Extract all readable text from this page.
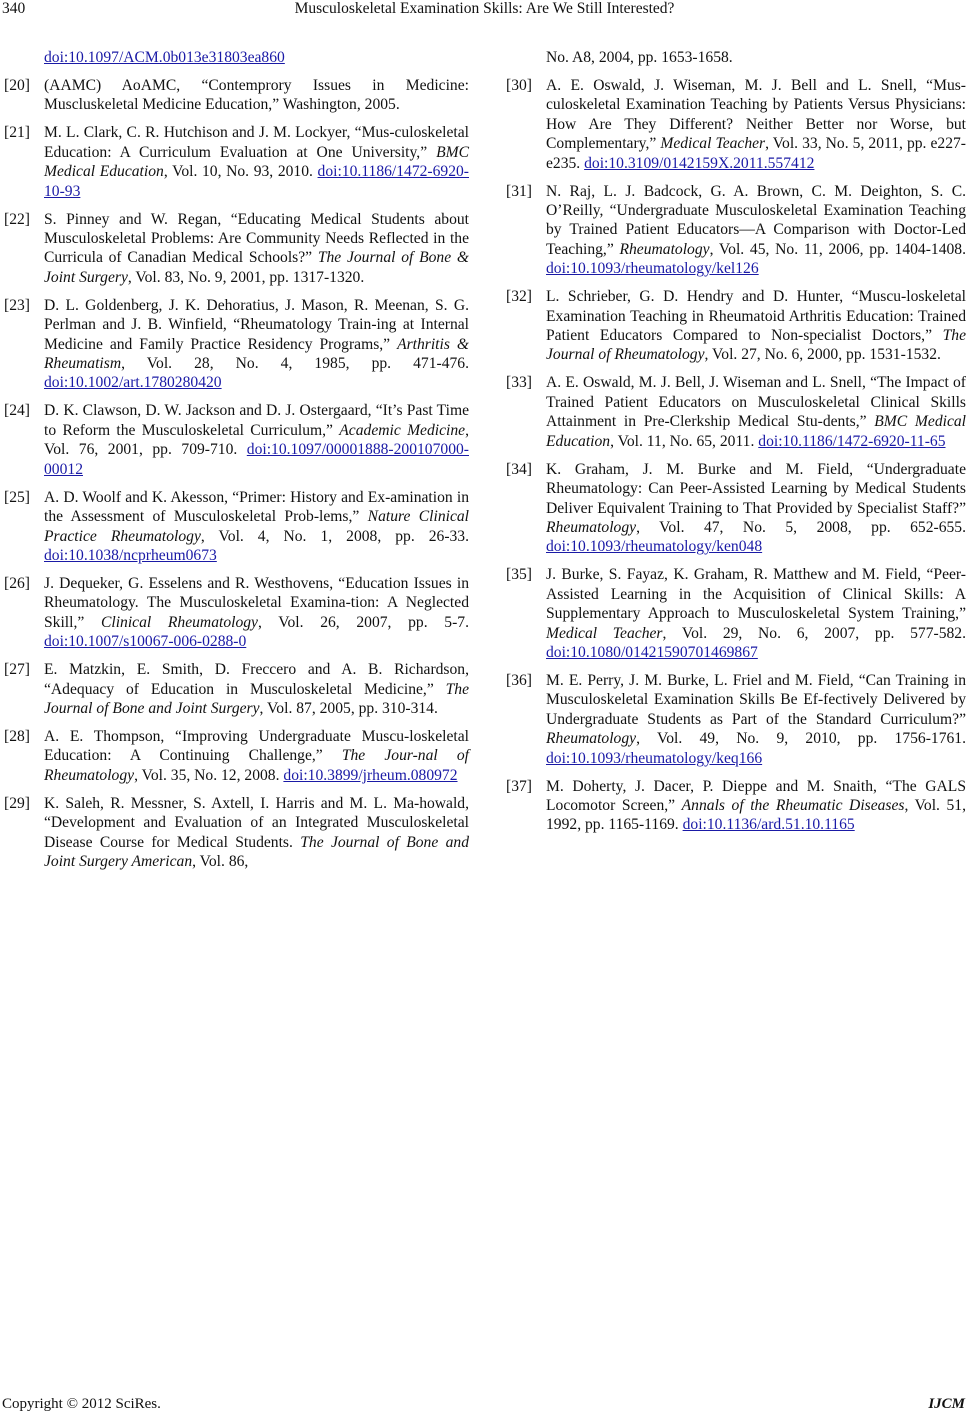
340	Musculoskeletal Examination Skills: Are We Still Interested?
doi:10.1097/ACM.0b013e31803ea860
[20] (AAMC) AoAMC, “Contemprory Issues in Medicine: Muscluskeletal Medicine Education,” Washington, 2005.
[21] M. L. Clark, C. R. Hutchison and J. M. Lockyer, “Mus-culoskeletal Education: A Curriculum Evaluation at One University,” BMC Medical Education, Vol. 10, No. 93, 2010. doi:10.1186/1472-6920-10-93
[22] S. Pinney and W. Regan, “Educating Medical Students about Musculoskeletal Problems: Are Community Needs Reflected in the Curricula of Canadian Medical Schools?” The Journal of Bone & Joint Surgery, Vol. 83, No. 9, 2001, pp. 1317-1320.
[23] D. L. Goldenberg, J. K. Dehoratius, J. Mason, R. Meenan, S. G. Perlman and J. B. Winfield, “Rheumatology Train-ing at Internal Medicine and Family Practice Residency Programs,” Arthritis & Rheumatism, Vol. 28, No. 4, 1985, pp. 471-476. doi:10.1002/art.1780280420
[24] D. K. Clawson, D. W. Jackson and D. J. Ostergaard, “It’s Past Time to Reform the Musculoskeletal Curriculum,” Academic Medicine, Vol. 76, 2001, pp. 709-710. doi:10.1097/00001888-200107000-00012
[25] A. D. Woolf and K. Akesson, “Primer: History and Ex-amination in the Assessment of Musculoskeletal Prob-lems,” Nature Clinical Practice Rheumatology, Vol. 4, No. 1, 2008, pp. 26-33. doi:10.1038/ncprheum0673
[26] J. Dequeker, G. Esselens and R. Westhovens, “Education Issues in Rheumatology. The Musculoskeletal Examina-tion: A Neglected Skill,” Clinical Rheumatology, Vol. 26, 2007, pp. 5-7. doi:10.1007/s10067-006-0288-0
[27] E. Matzkin, E. Smith, D. Freccero and A. B. Richardson, “Adequacy of Education in Musculoskeletal Medicine,” The Journal of Bone and Joint Surgery, Vol. 87, 2005, pp. 310-314.
[28] A. E. Thompson, “Improving Undergraduate Muscu-loskeletal Education: A Continuing Challenge,” The Jour-nal of Rheumatology, Vol. 35, No. 12, 2008. doi:10.3899/jrheum.080972
[29] K. Saleh, R. Messner, S. Axtell, I. Harris and M. L. Ma-howald, “Development and Evaluation of an Integrated Musculoskeletal Disease Course for Medical Students. The Journal of Bone and Joint Surgery American, Vol. 86,
No. A8, 2004, pp. 1653-1658.
[30] A. E. Oswald, J. Wiseman, M. J. Bell and L. Snell, “Mus-culoskeletal Examination Teaching by Patients Versus Physicians: How Are They Different? Neither Better nor Worse, but Complementary,” Medical Teacher, Vol. 33, No. 5, 2011, pp. e227-e235. doi:10.3109/0142159X.2011.557412
[31] N. Raj, L. J. Badcock, G. A. Brown, C. M. Deighton, S. C. O’Reilly, “Undergraduate Musculoskeletal Examination Teaching by Trained Patient Educators—A Comparison with Doctor-Led Teaching,” Rheumatology, Vol. 45, No. 11, 2006, pp. 1404-1408. doi:10.1093/rheumatology/kel126
[32] L. Schrieber, G. D. Hendry and D. Hunter, “Muscu-loskeletal Examination Teaching in Rheumatoid Arthritis Education: Trained Patient Educators Compared to Non-specialist Doctors,” The Journal of Rheumatology, Vol. 27, No. 6, 2000, pp. 1531-1532.
[33] A. E. Oswald, M. J. Bell, J. Wiseman and L. Snell, “The Impact of Trained Patient Educators on Musculoskeletal Clinical Skills Attainment in Pre-Clerkship Medical Stu-dents,” BMC Medical Education, Vol. 11, No. 65, 2011. doi:10.1186/1472-6920-11-65
[34] K. Graham, J. M. Burke and M. Field, “Undergraduate Rheumatology: Can Peer-Assisted Learning by Medical Students Deliver Equivalent Training to That Provided by Specialist Staff?” Rheumatology, Vol. 47, No. 5, 2008, pp. 652-655. doi:10.1093/rheumatology/ken048
[35] J. Burke, S. Fayaz, K. Graham, R. Matthew and M. Field, “Peer-Assisted Learning in the Acquisition of Clinical Skills: A Supplementary Approach to Musculoskeletal System Training,” Medical Teacher, Vol. 29, No. 6, 2007, pp. 577-582. doi:10.1080/01421590701469867
[36] M. E. Perry, J. M. Burke, L. Friel and M. Field, “Can Training in Musculoskeletal Examination Skills Be Ef-fectively Delivered by Undergraduate Students as Part of the Standard Curriculum?” Rheumatology, Vol. 49, No. 9, 2010, pp. 1756-1761. doi:10.1093/rheumatology/keq166
[37] M. Doherty, J. Dacer, P. Dieppe and M. Snaith, “The GALS Locomotor Screen,” Annals of the Rheumatic Diseases, Vol. 51, 1992, pp. 1165-1169. doi:10.1136/ard.51.10.1165
Copyright © 2012 SciRes.	IJCM
